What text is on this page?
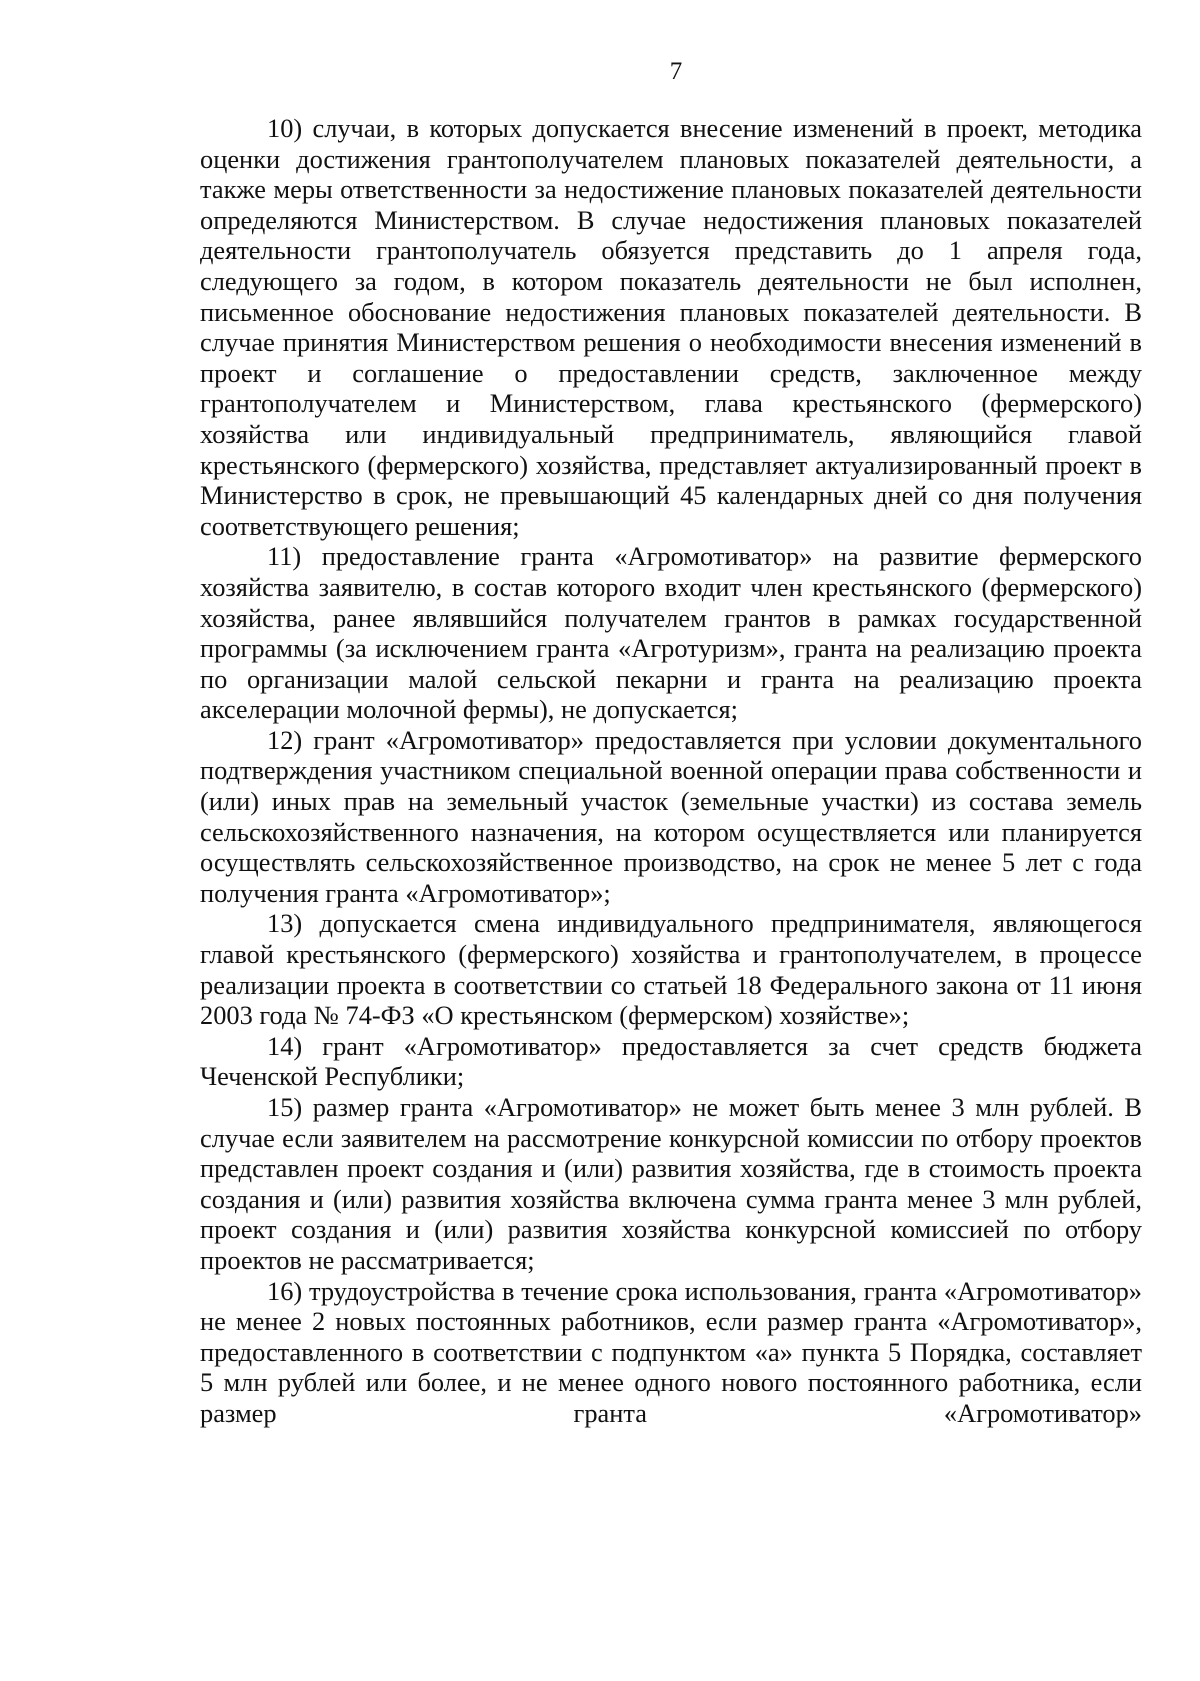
7

10) случаи, в которых допускается внесение изменений в проект, методика оценки достижения грантополучателем плановых показателей деятельности, а также меры ответственности за недостижение плановых показателей деятельности определяются Министерством. В случае недостижения плановых показателей деятельности грантополучатель обязуется представить до 1 апреля года, следующего за годом, в котором показатель деятельности не был исполнен, письменное обоснование недостижения плановых показателей деятельности. В случае принятия Министерством решения о необходимости внесения изменений в проект и соглашение о предоставлении средств, заключенное между грантополучателем и Министерством, глава крестьянского (фермерского) хозяйства или индивидуальный предприниматель, являющийся главой крестьянского (фермерского) хозяйства, представляет актуализированный проект в Министерство в срок, не превышающий 45 календарных дней со дня получения соответствующего решения;

11) предоставление гранта «Агромотиватор» на развитие фермерского хозяйства заявителю, в состав которого входит член крестьянского (фермерского) хозяйства, ранее являвшийся получателем грантов в рамках государственной программы (за исключением гранта «Агротуризм», гранта на реализацию проекта по организации малой сельской пекарни и гранта на реализацию проекта акселерации молочной фермы), не допускается;

12) грант «Агромотиватор» предоставляется при условии документального подтверждения участником специальной военной операции права собственности и (или) иных прав на земельный участок (земельные участки) из состава земель сельскохозяйственного назначения, на котором осуществляется или планируется осуществлять сельскохозяйственное производство, на срок не менее 5 лет с года получения гранта «Агромотиватор»;

13) допускается смена индивидуального предпринимателя, являющегося главой крестьянского (фермерского) хозяйства и грантополучателем, в процессе реализации проекта в соответствии со статьей 18 Федерального закона от 11 июня 2003 года № 74-ФЗ «О крестьянском (фермерском) хозяйстве»;

14) грант «Агромотиватор» предоставляется за счет средств бюджета Чеченской Республики;

15) размер гранта «Агромотиватор» не может быть менее 3 млн рублей. В случае если заявителем на рассмотрение конкурсной комиссии по отбору проектов представлен проект создания и (или) развития хозяйства, где в стоимость проекта создания и (или) развития хозяйства включена сумма гранта менее 3 млн рублей, проект создания и (или) развития хозяйства конкурсной комиссией по отбору проектов не рассматривается;

16) трудоустройства в течение срока использования, гранта «Агромотиватор» не менее 2 новых постоянных работников, если размер гранта «Агромотиватор», предоставленного в соответствии с подпунктом «а» пункта 5 Порядка, составляет 5 млн рублей или более, и не менее одного нового постоянного работника, если размер гранта «Агромотиватор»
